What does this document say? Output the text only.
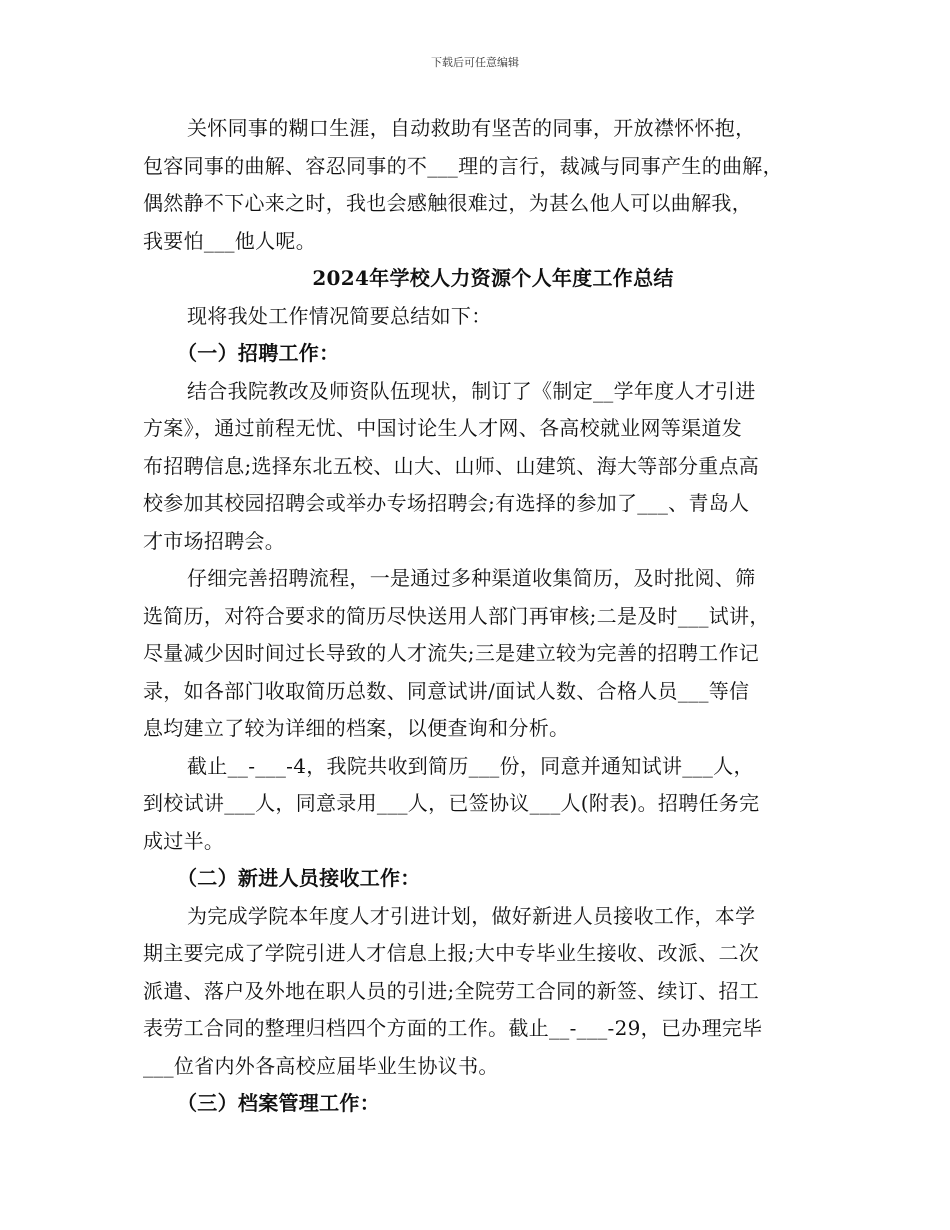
下载后可任意编辑
关怀同事的糊口生涯，自动救助有坚苦的同事，开放襟怀怀抱，
包容同事的曲解、容忍同事的不___理的言行，裁减与同事产生的曲解，
偶然静不下心来之时，我也会感触很难过，为甚么他人可以曲解我，
我要怕___他人呢。
2024年学校人力资源个人年度工作总结
现将我处工作情况简要总结如下：
（一）招聘工作：
结合我院教改及师资队伍现状，制订了《制定__学年度人才引进
方案》，通过前程无忧、中国讨论生人才网、各高校就业网等渠道发
布招聘信息;选择东北五校、山大、山师、山建筑、海大等部分重点高
校参加其校园招聘会或举办专场招聘会;有选择的参加了___、青岛人
才市场招聘会。
仔细完善招聘流程，一是通过多种渠道收集简历，及时批阅、筛
选简历，对符合要求的简历尽快送用人部门再审核;二是及时___试讲，
尽量减少因时间过长导致的人才流失;三是建立较为完善的招聘工作记
录，如各部门收取简历总数、同意试讲/面试人数、合格人员___等信
息均建立了较为详细的档案，以便查询和分析。
截止__-___-4，我院共收到简历___份，同意并通知试讲___人，
到校试讲___人，同意录用___人，已签协议___人(附表)。招聘任务完
成过半。
（二）新进人员接收工作：
为完成学院本年度人才引进计划，做好新进人员接收工作，本学
期主要完成了学院引进人才信息上报;大中专毕业生接收、改派、二次
派遣、落户及外地在职人员的引进;全院劳工合同的新签、续订、招工
表劳工合同的整理归档四个方面的工作。截止__-___-29，已办理完毕
___位省内外各高校应届毕业生协议书。
（三）档案管理工作：
